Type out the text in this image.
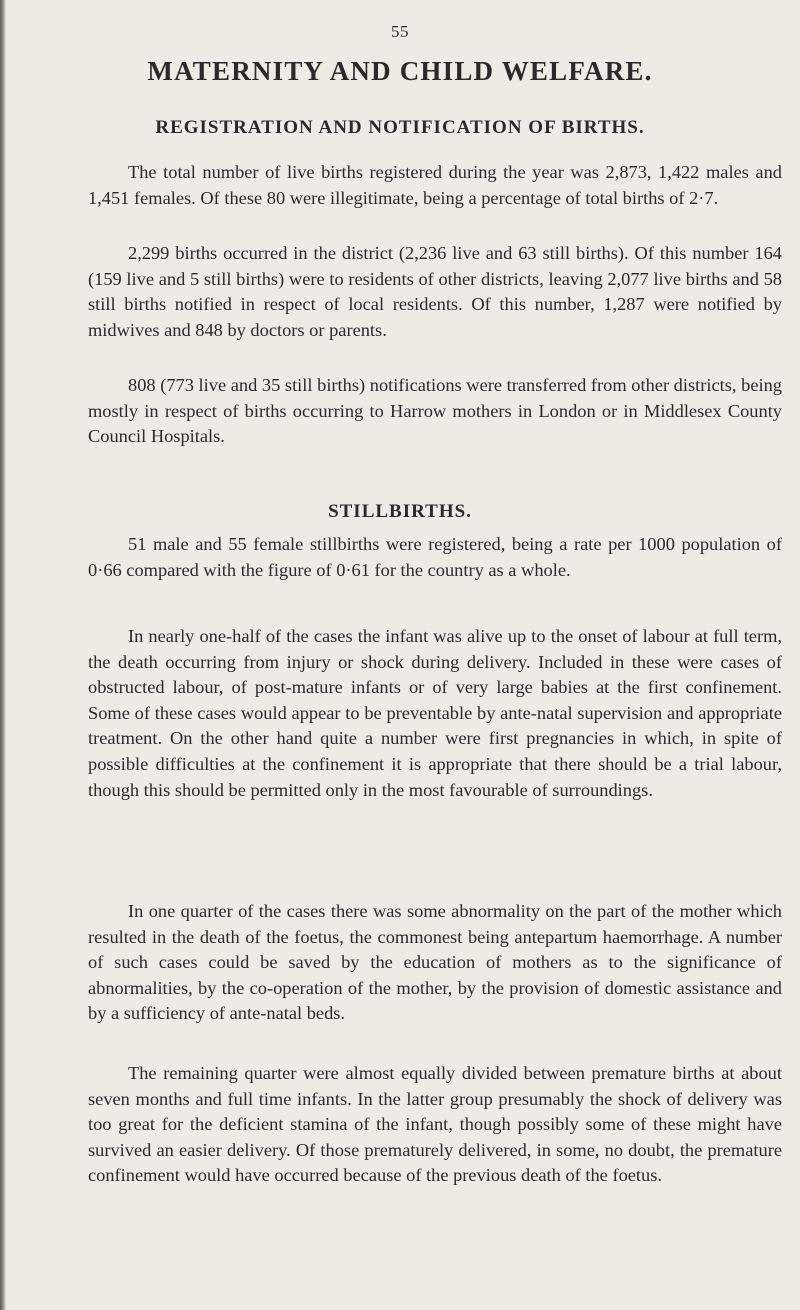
55
MATERNITY AND CHILD WELFARE.
REGISTRATION AND NOTIFICATION OF BIRTHS.

The total number of live births registered during the year was 2,873, 1,422 males and 1,451 females. Of these 80 were illegitimate, being a percentage of total births of 2·7.

2,299 births occurred in the district (2,236 live and 63 still births). Of this number 164 (159 live and 5 still births) were to residents of other districts, leaving 2,077 live births and 58 still births notified in respect of local residents. Of this number, 1,287 were notified by midwives and 848 by doctors or parents.

808 (773 live and 35 still births) notifications were transferred from other districts, being mostly in respect of births occurring to Harrow mothers in London or in Middlesex County Council Hospitals.

STILLBIRTHS.

51 male and 55 female stillbirths were registered, being a rate per 1000 population of 0·66 compared with the figure of 0·61 for the country as a whole.

In nearly one-half of the cases the infant was alive up to the onset of labour at full term, the death occurring from injury or shock during delivery. Included in these were cases of obstructed labour, of post-mature infants or of very large babies at the first confinement. Some of these cases would appear to be preventable by ante-natal supervision and appropriate treatment. On the other hand quite a number were first pregnancies in which, in spite of possible difficulties at the confinement it is appropriate that there should be a trial labour, though this should be permitted only in the most favourable of surroundings.

In one quarter of the cases there was some abnormality on the part of the mother which resulted in the death of the foetus, the commonest being antepartum haemorrhage. A number of such cases could be saved by the education of mothers as to the significance of abnormalities, by the co-operation of the mother, by the provision of domestic assistance and by a sufficiency of ante-natal beds.

The remaining quarter were almost equally divided between premature births at about seven months and full time infants. In the latter group presumably the shock of delivery was too great for the deficient stamina of the infant, though possibly some of these might have survived an easier delivery. Of those prematurely delivered, in some, no doubt, the premature confinement would have occurred because of the previous death of the foetus.
